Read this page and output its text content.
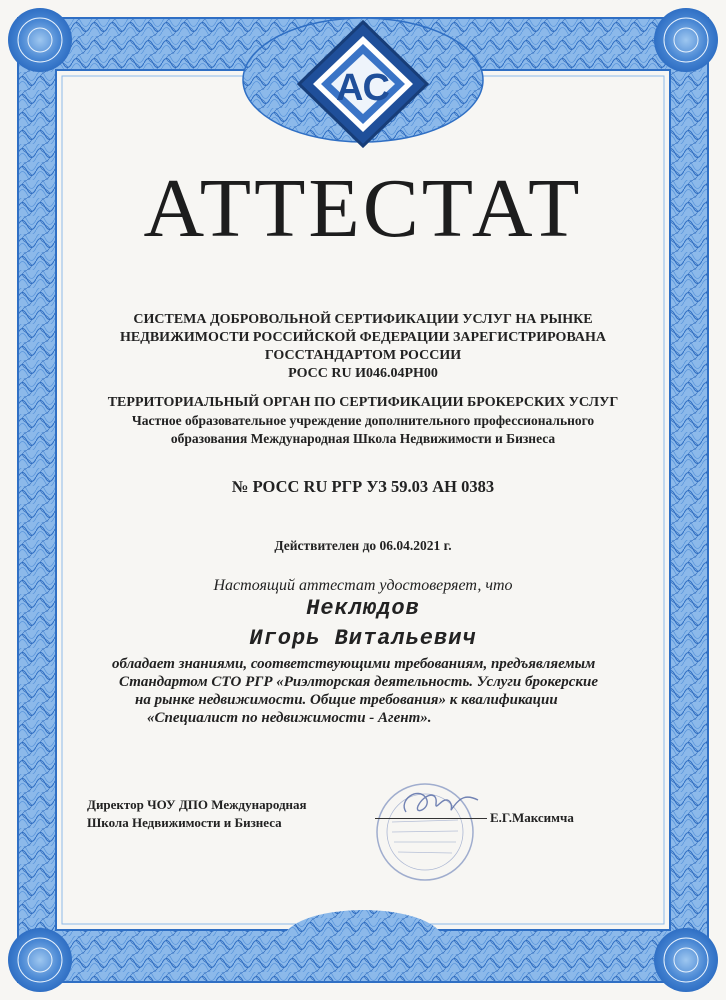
АС
АТТЕСТАТ
СИСТЕМА ДОБРОВОЛЬНОЙ СЕРТИФИКАЦИИ УСЛУГ НА РЫНКЕ
НЕДВИЖИМОСТИ РОССИЙСКОЙ ФЕДЕРАЦИИ ЗАРЕГИСТРИРОВАНА
ГОССТАНДАРТОМ РОССИИ
РОСС RU И046.04РН00
ТЕРРИТОРИАЛЬНЫЙ ОРГАН ПО СЕРТИФИКАЦИИ БРОКЕРСКИХ УСЛУГ
Частное образовательное учреждение дополнительного профессионального
образования Международная Школа Недвижимости и Бизнеса
№ РОСС RU РГР УЗ 59.03 АН 0383
Действителен до 06.04.2021 г.
Настоящий аттестат удостоверяет, что
Неклюдов
Игорь Витальевич
обладает знаниями, соответствующими требованиям, предъявляемым
Стандартом СТО РГР «Риэлторская деятельность. Услуги брокерские
на рынке недвижимости. Общие требования» к квалификации
«Специалист по недвижимости - Агент».
Директор ЧОУ ДПО Международная
Школа Недвижимости и Бизнеса	Е.Г.Максимча
